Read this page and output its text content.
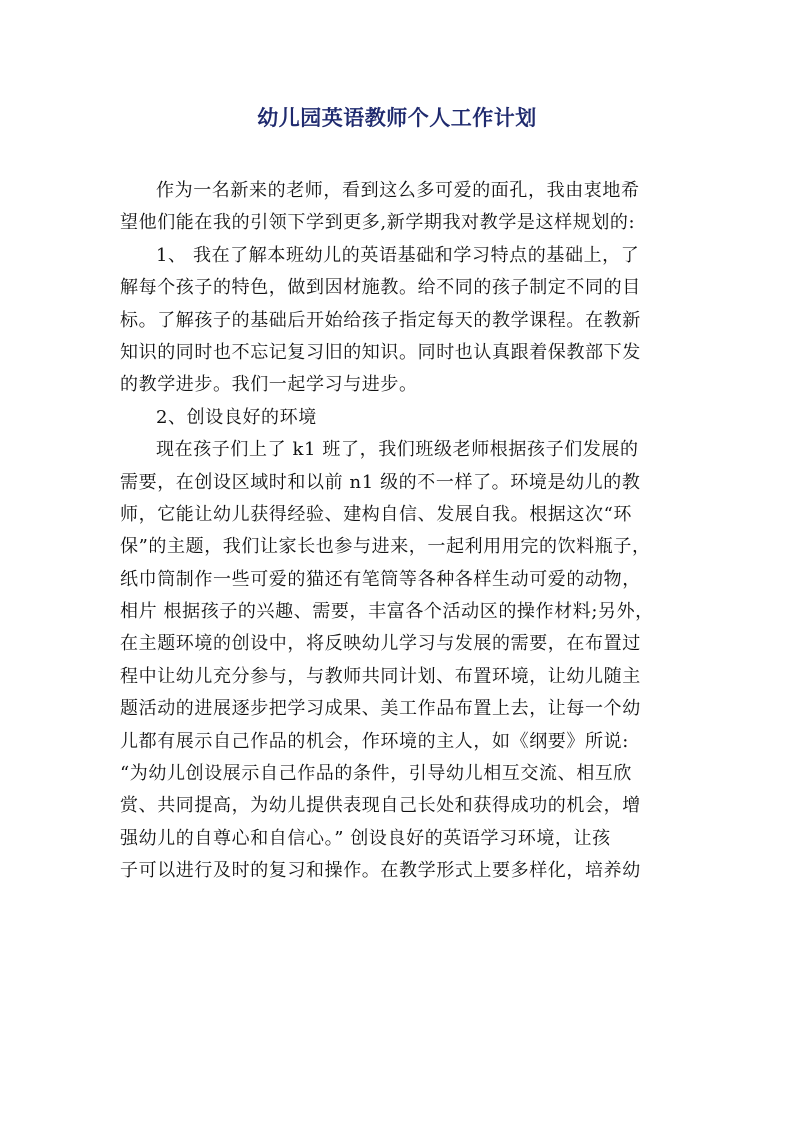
幼儿园英语教师个人工作计划
作为一名新来的老师，看到这么多可爱的面孔，我由衷地希
望他们能在我的引领下学到更多,新学期我对教学是这样规划的:
1、 我在了解本班幼儿的英语基础和学习特点的基础上，了
解每个孩子的特色，做到因材施教。给不同的孩子制定不同的目
标。了解孩子的基础后开始给孩子指定每天的教学课程。在教新
知识的同时也不忘记复习旧的知识。同时也认真跟着保教部下发
的教学进步。我们一起学习与进步。
2、创设良好的环境
现在孩子们上了 k1 班了，我们班级老师根据孩子们发展的
需要，在创设区域时和以前 n1 级的不一样了。环境是幼儿的教
师，它能让幼儿获得经验、建构自信、发展自我。根据这次“环
保”的主题，我们让家长也参与进来，一起利用用完的饮料瓶子，
纸巾筒制作一些可爱的猫还有笔筒等各种各样生动可爱的动物，
相片 根据孩子的兴趣、需要，丰富各个活动区的操作材料;另外，
在主题环境的创设中，将反映幼儿学习与发展的需要，在布置过
程中让幼儿充分参与，与教师共同计划、布置环境，让幼儿随主
题活动的进展逐步把学习成果、美工作品布置上去，让每一个幼
儿都有展示自己作品的机会，作环境的主人，如《纲要》所说:
“为幼儿创设展示自己作品的条件，引导幼儿相互交流、相互欣
赏、共同提高，为幼儿提供表现自己长处和获得成功的机会，增
强幼儿的自尊心和自信心。” 创设良好的英语学习环境，让孩
子可以进行及时的复习和操作。在教学形式上要多样化，培养幼
